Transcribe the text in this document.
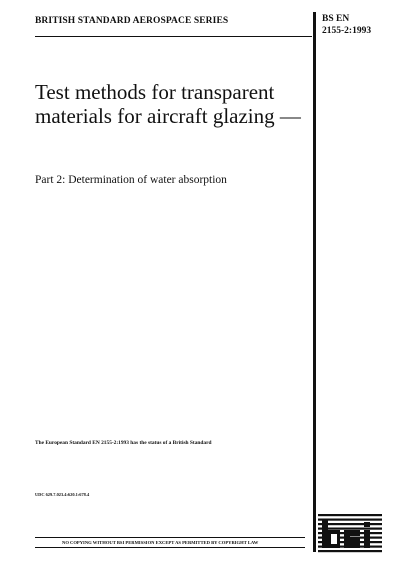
BRITISH STANDARD AEROSPACE SERIES	BS EN
2155-2:1993
Test methods for transparent materials for aircraft glazing —

Part 2: Determination of water absorption

The European Standard EN 2155-2:1993 has the status of a British Standard
UDC 629.7.023.4:620.1:678.4
NO COPYING WITHOUT BSI PERMISSION EXCEPT AS PERMITTED BY COPYRIGHT LAW
